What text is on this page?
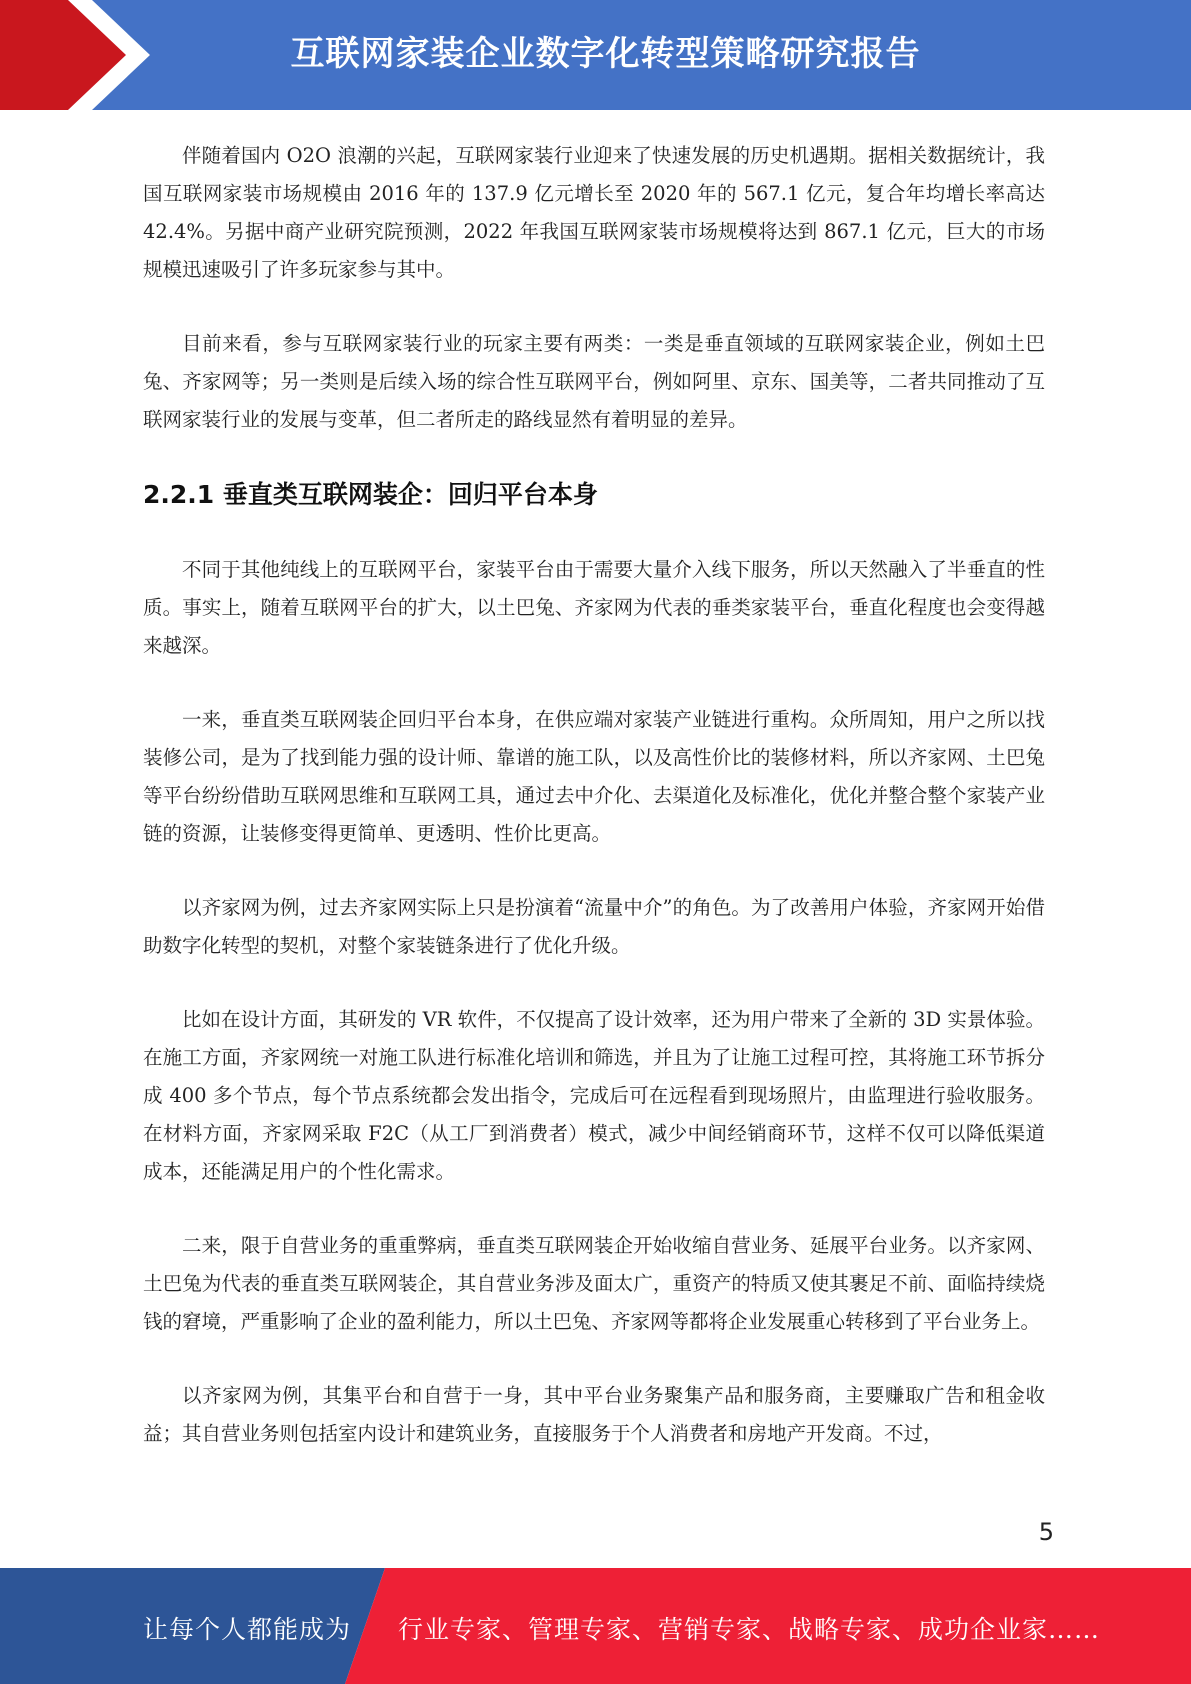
互联网家装企业数字化转型策略研究报告

伴随着国内 O2O 浪潮的兴起，互联网家装行业迎来了快速发展的历史机遇期。据相关数据统计，我国互联网家装市场规模由 2016 年的 137.9 亿元增长至 2020 年的 567.1 亿元，复合年均增长率高达 42.4%。另据中商产业研究院预测，2022 年我国互联网家装市场规模将达到 867.1 亿元，巨大的市场规模迅速吸引了许多玩家参与其中。

目前来看，参与互联网家装行业的玩家主要有两类：一类是垂直领域的互联网家装企业，例如土巴兔、齐家网等；另一类则是后续入场的综合性互联网平台，例如阿里、京东、国美等，二者共同推动了互联网家装行业的发展与变革，但二者所走的路线显然有着明显的差异。

2.2.1 垂直类互联网装企：回归平台本身

不同于其他纯线上的互联网平台，家装平台由于需要大量介入线下服务，所以天然融入了半垂直的性质。事实上，随着互联网平台的扩大，以土巴兔、齐家网为代表的垂类家装平台，垂直化程度也会变得越来越深。

一来，垂直类互联网装企回归平台本身，在供应端对家装产业链进行重构。众所周知，用户之所以找装修公司，是为了找到能力强的设计师、靠谱的施工队，以及高性价比的装修材料，所以齐家网、土巴兔等平台纷纷借助互联网思维和互联网工具，通过去中介化、去渠道化及标准化，优化并整合整个家装产业链的资源，让装修变得更简单、更透明、性价比更高。

以齐家网为例，过去齐家网实际上只是扮演着“流量中介”的角色。为了改善用户体验，齐家网开始借助数字化转型的契机，对整个家装链条进行了优化升级。

比如在设计方面，其研发的 VR 软件，不仅提高了设计效率，还为用户带来了全新的 3D 实景体验。在施工方面，齐家网统一对施工队进行标准化培训和筛选，并且为了让施工过程可控，其将施工环节拆分成 400 多个节点，每个节点系统都会发出指令，完成后可在远程看到现场照片，由监理进行验收服务。在材料方面，齐家网采取 F2C（从工厂到消费者）模式，减少中间经销商环节，这样不仅可以降低渠道成本，还能满足用户的个性化需求。

二来，限于自营业务的重重弊病，垂直类互联网装企开始收缩自营业务、延展平台业务。以齐家网、土巴兔为代表的垂直类互联网装企，其自营业务涉及面太广，重资产的特质又使其裹足不前、面临持续烧钱的窘境，严重影响了企业的盈利能力，所以土巴兔、齐家网等都将企业发展重心转移到了平台业务上。

以齐家网为例，其集平台和自营于一身，其中平台业务聚集产品和服务商，主要赚取广告和租金收益；其自营业务则包括室内设计和建筑业务，直接服务于个人消费者和房地产开发商。不过，

5
让每个人都能成为 行业专家、管理专家、营销专家、战略专家、成功企业家……
